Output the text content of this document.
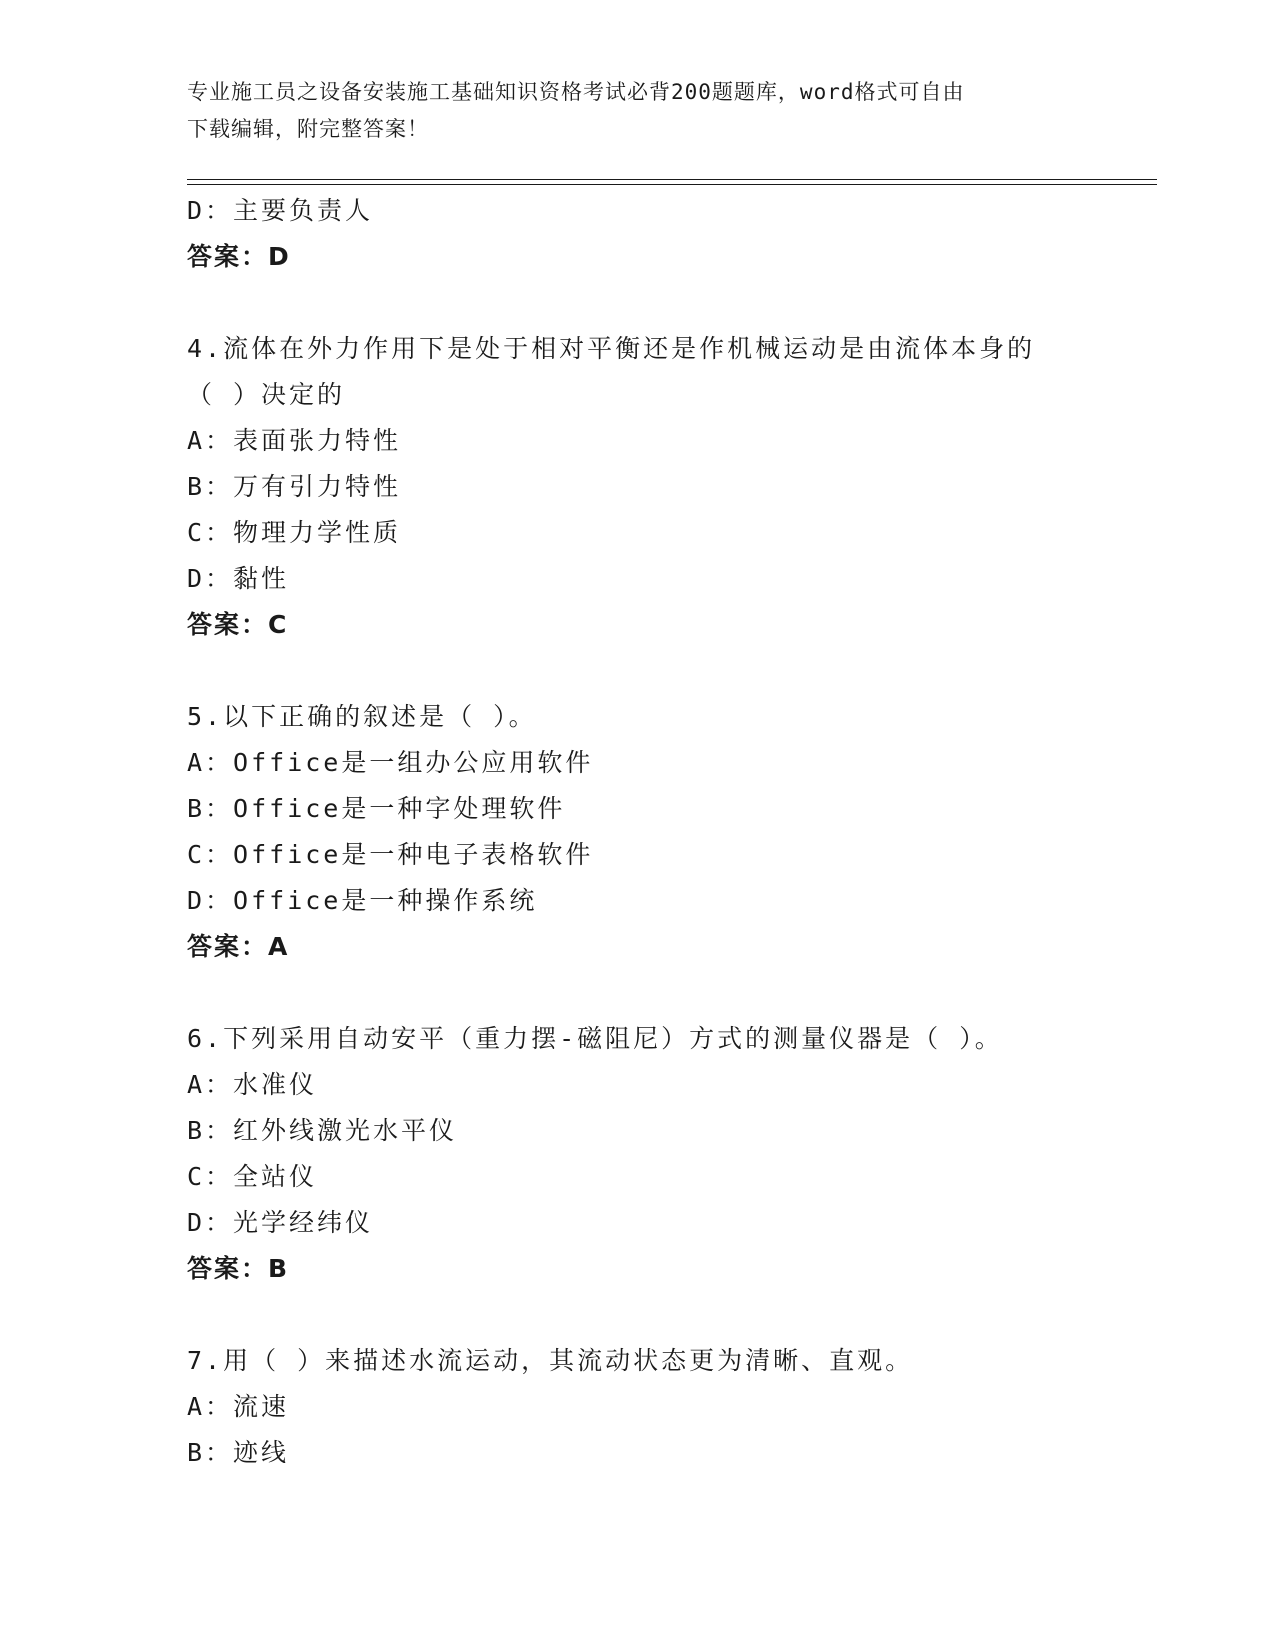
专业施工员之设备安装施工基础知识资格考试必背200题题库，word格式可自由
下载编辑，附完整答案！
D：主要负责人
答案：D
4.流体在外力作用下是处于相对平衡还是作机械运动是由流体本身的
（ ）决定的
A：表面张力特性
B：万有引力特性
C：物理力学性质
D：黏性
答案：C
5.以下正确的叙述是（ ）。
A：Office是一组办公应用软件
B：Office是一种字处理软件
C：Office是一种电子表格软件
D：Office是一种操作系统
答案：A
6.下列采用自动安平（重力摆-磁阻尼）方式的测量仪器是（ ）。
A：水准仪
B：红外线激光水平仪
C：全站仪
D：光学经纬仪
答案：B
7.用（ ）来描述水流运动，其流动状态更为清晰、直观。
A：流速
B：迹线
